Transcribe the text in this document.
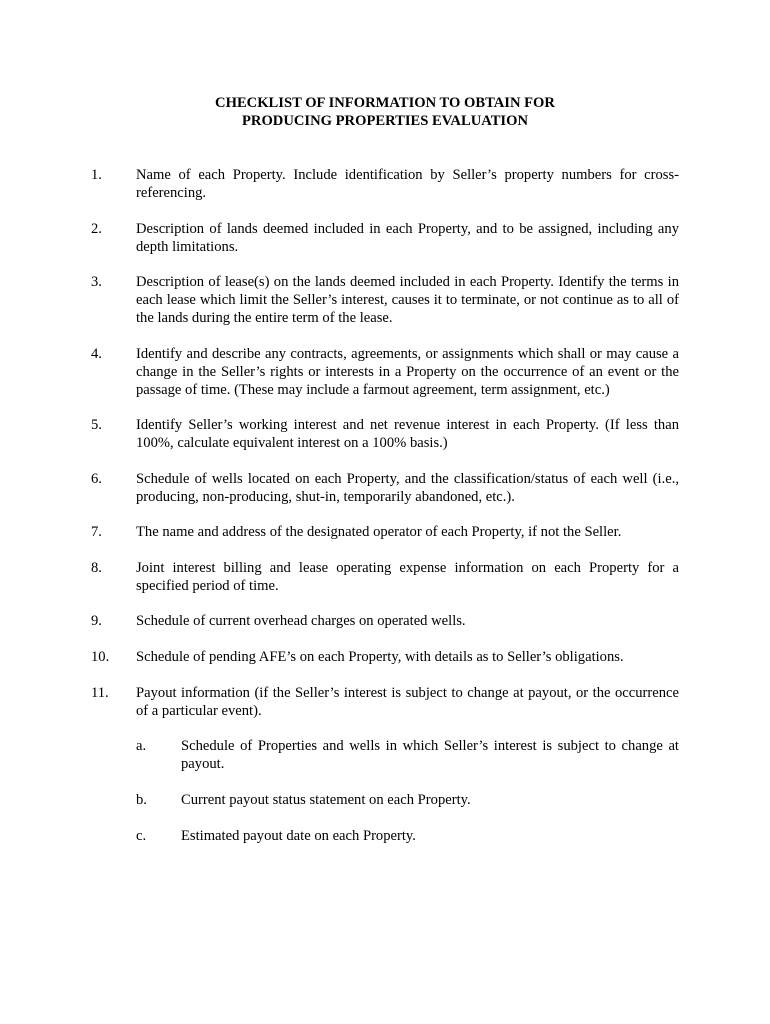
CHECKLIST OF INFORMATION TO OBTAIN FOR
PRODUCING PROPERTIES EVALUATION
1.	Name of each Property. Include identification by Seller’s property numbers for cross-referencing.
2.	Description of lands deemed included in each Property, and to be assigned, including any depth limitations.
3.	Description of lease(s) on the lands deemed included in each Property. Identify the terms in each lease which limit the Seller’s interest, causes it to terminate, or not continue as to all of the lands during the entire term of the lease.
4.	Identify and describe any contracts, agreements, or assignments which shall or may cause a change in the Seller’s rights or interests in a Property on the occurrence of an event or the passage of time. (These may include a farmout agreement, term assignment, etc.)
5.	Identify Seller’s working interest and net revenue interest in each Property. (If less than 100%, calculate equivalent interest on a 100% basis.)
6.	Schedule of wells located on each Property, and the classification/status of each well (i.e., producing, non-producing, shut-in, temporarily abandoned, etc.).
7.	The name and address of the designated operator of each Property, if not the Seller.
8.	Joint interest billing and lease operating expense information on each Property for a specified period of time.
9.	Schedule of current overhead charges on operated wells.
10.	Schedule of pending AFE’s on each Property, with details as to Seller’s obligations.
11.	Payout information (if the Seller’s interest is subject to change at payout, or the occurrence of a particular event).
a.	Schedule of Properties and wells in which Seller’s interest is subject to change at payout.
b.	Current payout status statement on each Property.
c.	Estimated payout date on each Property.
